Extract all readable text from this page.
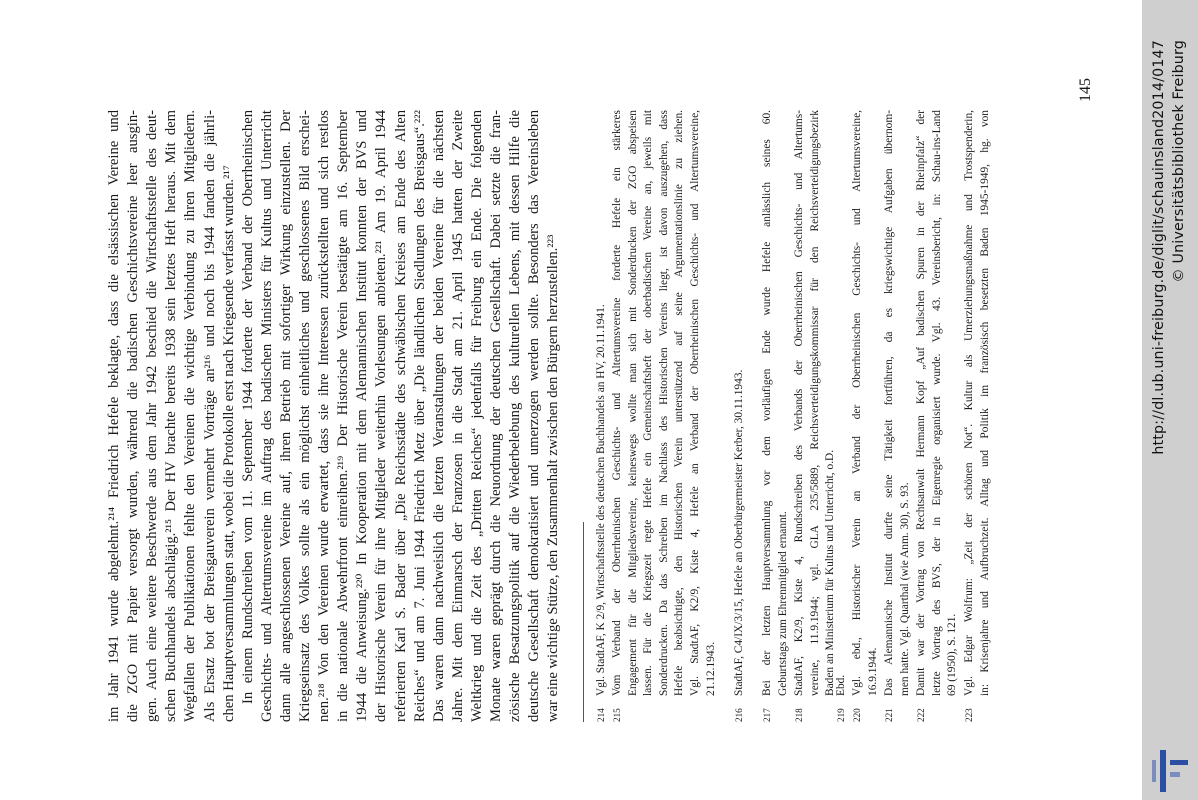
im Jahr 1941 wurde abgelehnt.²¹⁴ Friedrich Hefele beklagte, dass die elsässischen Vereine und die ZGO mit Papier versorgt wurden, während die badischen Geschichtsvereine leer ausgin- gen. Auch eine weitere Beschwerde aus dem Jahr 1942 beschied die Wirtschaftsstelle des deut- schen Buchhandels abschlägig.²¹⁵ Der HV brachte bereits 1938 sein letztes Heft heraus. Mit dem Wegfallen der Publikationen fehlte den Vereinen die wichtige Verbindung zu ihren Mitgliedern. Als Ersatz bot der Breisgauverein vermehrt Vorträge an²¹⁶ und noch bis 1944 fanden die jährli- chen Hauptversammlungen statt, wobei die Protokolle erst nach Kriegsende verfasst wurden.²¹⁷ In einem Rundschreiben vom 11. September 1944 forderte der Verband der Oberrheinischen Geschichts- und Altertumsvereine im Auftrag des badischen Ministers für Kultus und Unterricht dann alle angeschlossenen Vereine auf, ihren Betrieb mit sofortiger Wirkung einzustellen. Der Kriegseinsatz des Volkes sollte als ein möglichst einheitliches und geschlossenes Bild erschei- nen.²¹⁸ Von den Vereinen wurde erwartet, dass sie ihre Interessen zurückstellten und sich restlos in die nationale Abwehrfront einreihen.²¹⁹ Der Historische Verein bestätigte am 16. September 1944 die Anweisung.²²⁰ In Kooperation mit dem Alemannischen Institut konnten der BVS und der Historische Verein für ihre Mitglieder weiterhin Vorlesungen anbieten.²²¹ Am 19. April 1944 referierten Karl S. Bader über „Die Reichsstädte des schwäbischen Kreises am Ende des Alten Reiches“ und am 7. Juni 1944 Friedrich Metz über „Die ländlichen Siedlungen des Breisgaus“.²²² Das waren dann nachweislich die letzten Veranstaltungen der beiden Vereine für die nächsten Jahre. Mit dem Einmarsch der Franzosen in die Stadt am 21. April 1945 hatten der Zweite Weltkrieg und die Zeit des „Dritten Reiches“ jedenfalls für Freiburg ein Ende. Die folgenden Monate waren geprägt durch die Neuordnung der deutschen Gesellschaft. Dabei setzte die fran- zösische Besatzungspolitik auf die Wiederbelebung des kulturellen Lebens, mit dessen Hilfe die deutsche Gesellschaft demokratisiert und umerzogen werden sollte. Besonders das Vereinsleben war eine wichtige Stütze, den Zusammenhalt zwischen den Bürgern herzustellen.²²³	214
Vgl. StadtAF, K 2/9, Wirtschaftsstelle des deutschen Buchhandels an HV, 20.11.1941.
215
Vom Verband der Oberrheinischen Geschichts- und Altertumsvereine forderte Hefele ein stärkeres Engagement für die Mitgliedsvereine, keineswegs wollte man sich mit Sonderdrucken der ZGO abspeisen lassen. Für die Kriegszeit regte Hefele ein Gemeinschaftsheft der oberbadischen Vereine an, jeweils mit Sonderdrucken. Da das Schreiben im Nachlass des Historischen Vereins liegt, ist davon auszugehen, dass Hefele beabsichtigte, den Historischen Verein unterstützend auf seine Argumentationslinie zu ziehen. Vgl. StadtAF, K2/9, Kiste 4, Hefele an Verband der Oberrheinischen Geschichts- und Altertumsvereine, 21.12.1943.
216
StadtAF, C4/IX/3/15, Hefele an Oberbürgermeister Kerber, 30.11.1943.
217
Bei der letzten Hauptversammlung vor dem vorläufigen Ende wurde Hefele anlässlich seines 60. Geburtstags zum Ehrenmitglied ernannt.
218
StadtAF, K2/9, Kiste 4, Rundschreiben des Verbands der Oberrheinischen Geschichts- und Altertums- vereine, 11.9.1944; vgl. GLA 235/5889, Reichsverteidigungskommissar für den Reichsverteidigungsbezirk Baden an Ministerium für Kultus und Unterricht, o.D.
219
Ebd.
220
Vgl. ebd., Historischer Verein an Verband der Oberrheinischen Geschichts- und Altertumsvereine, 16.9.1944.
221
Das Alemannische Institut durfte seine Tätigkeit fortführen, da es kriegswichtige Aufgaben übernom- men hatte. Vgl. Quarthal (wie Anm. 30), S. 93.
222
Damit war der Vortrag von Rechtsanwalt Hermann Kopf „Auf badischen Spuren in der Rheinpfalz“ der letzte Vortrag des BVS, der in Eigenregie organisiert wurde. Vgl. 43. Vereinsbericht, in: Schau-ins-Land 69 (1950), S. 121.
223
Vgl. Edgar Wolfrum: „Zeit der schönen Not“. Kultur als Umerziehungsmaßnahme und Trostspenderin, in: Krisenjahre und Aufbruchzeit. Alltag und Politik im französisch besetzten Baden 1945-1949, hg. von
145	http://dl.ub.uni-freiburg.de/diglit/schauinsland2014/0147 © Universitätsbibliothek Freiburg
